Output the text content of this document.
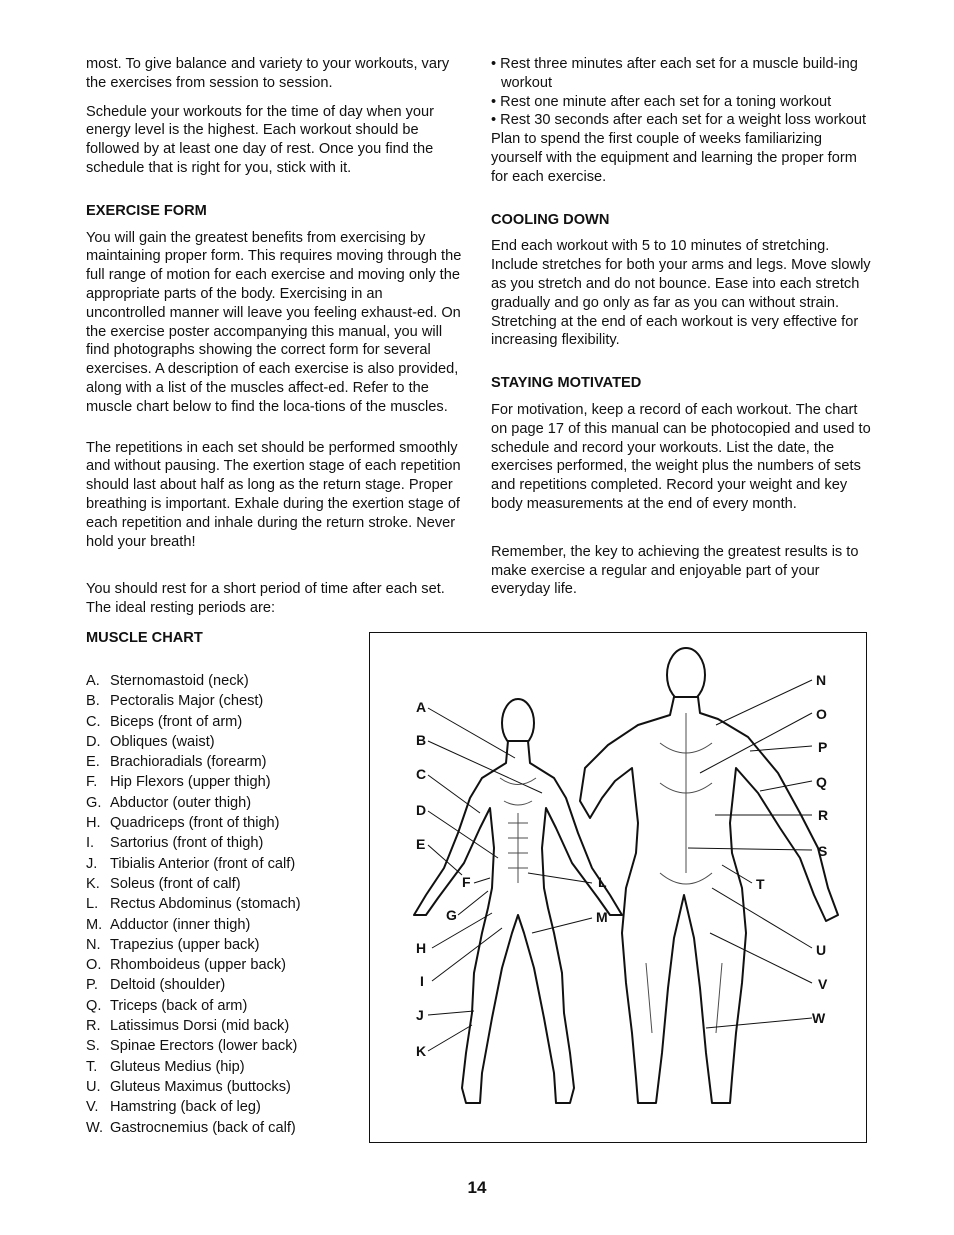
most. To give balance and variety to your workouts, vary the exercises from session to session.

Schedule your workouts for the time of day when your energy level is the highest. Each workout should be followed by at least one day of rest. Once you find the schedule that is right for you, stick with it.

EXERCISE FORM

You will gain the greatest benefits from exercising by maintaining proper form. This requires moving through the full range of motion for each exercise and moving only the appropriate parts of the body. Exercising in an uncontrolled manner will leave you feeling exhaust-ed. On the exercise poster accompanying this manual, you will find photographs showing the correct form for several exercises. A description of each exercise is also provided, along with a list of the muscles affect-ed. Refer to the muscle chart below to find the loca-tions of the muscles.

The repetitions in each set should be performed smoothly and without pausing. The exertion stage of each repetition should last about half as long as the return stage. Proper breathing is important. Exhale during the exertion stage of each repetition and inhale during the return stroke. Never hold your breath!

You should rest for a short period of time after each set. The ideal resting periods are:

• Rest three minutes after each set for a muscle build-ing workout
• Rest one minute after each set for a toning workout
• Rest 30 seconds after each set for a weight loss workout

Plan to spend the first couple of weeks familiarizing yourself with the equipment and learning the proper form for each exercise.

COOLING DOWN

End each workout with 5 to 10 minutes of stretching. Include stretches for both your arms and legs. Move slowly as you stretch and do not bounce. Ease into each stretch gradually and go only as far as you can without strain. Stretching at the end of each workout is very effective for increasing flexibility.

STAYING MOTIVATED

For motivation, keep a record of each workout. The chart on page 17 of this manual can be photocopied and used to schedule and record your workouts. List the date, the exercises performed, the weight plus the numbers of sets and repetitions completed. Record your weight and key body measurements at the end of every month.

Remember, the key to achieving the greatest results is to make exercise a regular and enjoyable part of your everyday life.

MUSCLE CHART
A. Sternomastoid (neck)
B. Pectoralis Major (chest)
C. Biceps (front of arm)
D. Obliques (waist)
E. Brachioradials (forearm)
F. Hip Flexors (upper thigh)
G. Abductor (outer thigh)
H. Quadriceps (front of thigh)
I. Sartorius (front of thigh)
J. Tibialis Anterior (front of calf)
K. Soleus (front of calf)
L. Rectus Abdominus (stomach)
M. Adductor (inner thigh)
N. Trapezius (upper back)
O. Rhomboideus (upper back)
P. Deltoid (shoulder)
Q. Triceps (back of arm)
R. Latissimus Dorsi (mid back)
S. Spinae Erectors (lower back)
T. Gluteus Medius (hip)
U. Gluteus Maximus (buttocks)
V. Hamstring (back of leg)
W. Gastrocnemius (back of calf)
A
B
C
D
E
F
G
H
I
J
K
L
M
N
O
P
Q
R
S
T
U
V
W
14
